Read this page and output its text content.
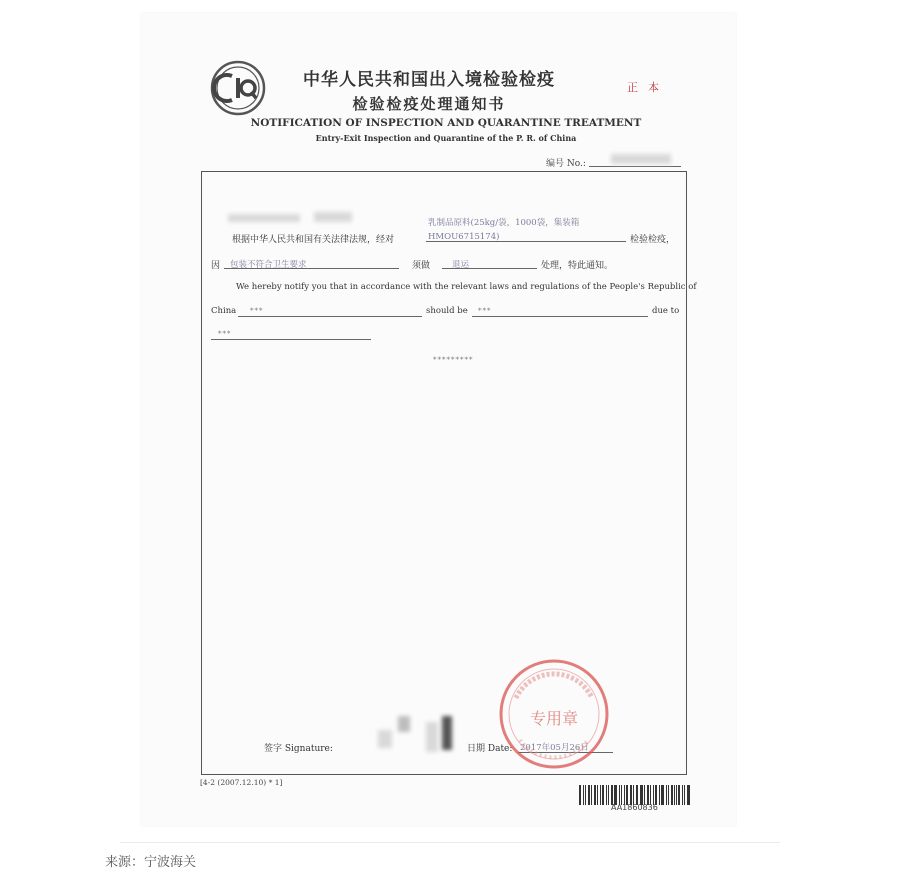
中华人民共和国出入境检验检疫
检验检疫处理通知书
NOTIFICATION OF INSPECTION AND QUARANTINE TREATMENT
Entry-Exit Inspection and Quarantine of the P. R. of China
正本
编号 No.:
乳制品原料(25kg/袋，1000袋，集装箱
根据中华人民共和国有关法律法规，经对	HMOU6715174)	检验检疫，
因 包装不符合卫生要求	须做	退运	处理，特此通知。
We hereby notify you that in accordance with the relevant laws and regulations of the People's Republic of
China ***	should be ***	due to
***
*********
签字 Signature:	日期 Date: 2017年05月26日
专用章
[4-2 (2007.12.10) * 1]
AA1860836
来源：宁波海关
